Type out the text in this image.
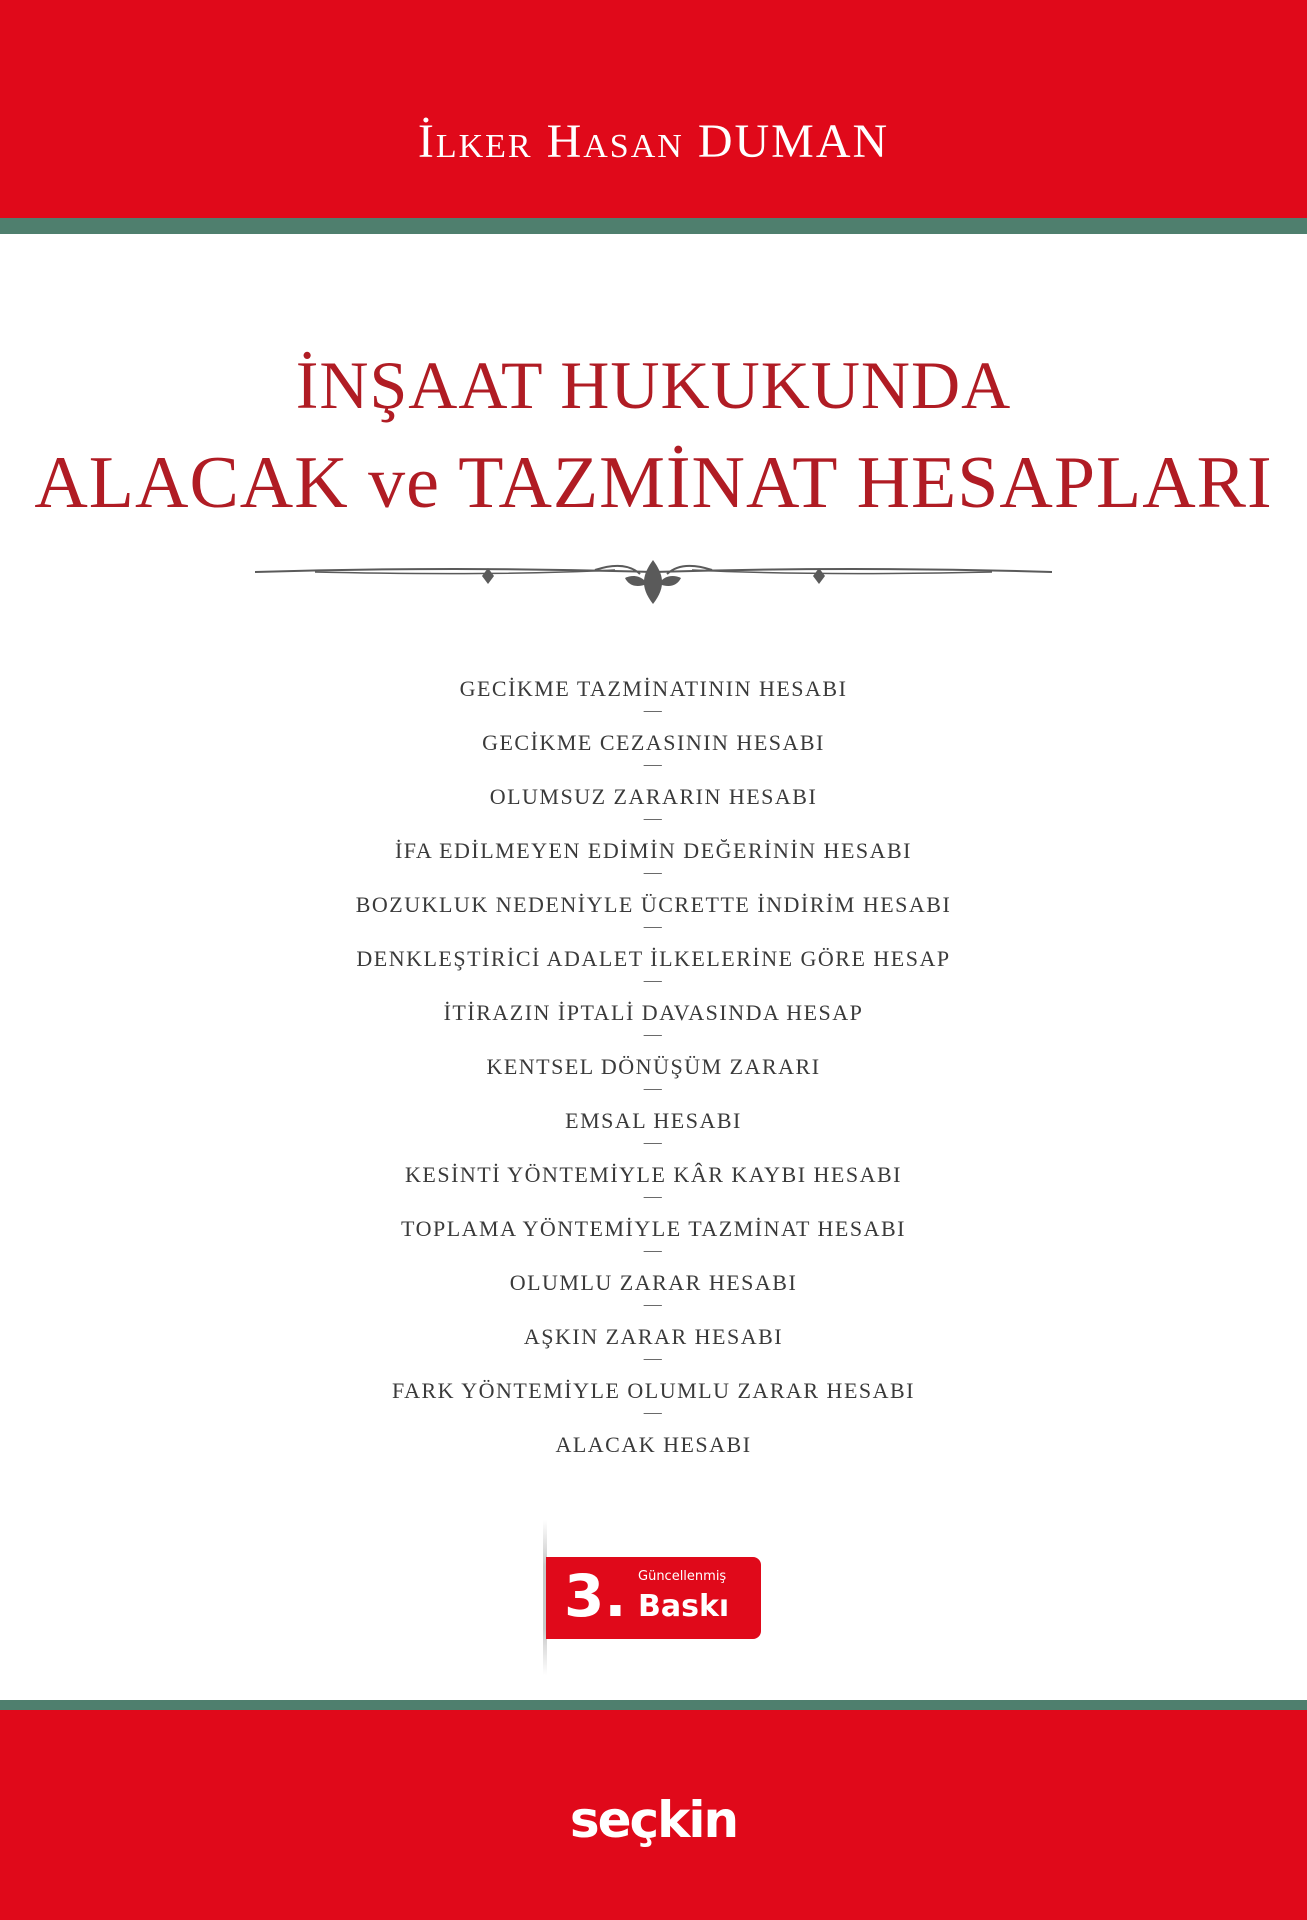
İlker Hasan DUMAN
İNŞAAT HUKUKUNDA
ALACAK ve TAZMİNAT HESAPLARI
GECİKME TAZMİNATININ HESABI
—
GECİKME CEZASININ HESABI
—
OLUMSUZ ZARARIN HESABI
—
İFA EDİLMEYEN EDİMİN DEĞERİNİN HESABI
—
BOZUKLUK NEDENİYLE ÜCRETTE İNDİRİM HESABI
—
DENKLEŞTİRİCİ ADALET İLKELERİNE GÖRE HESAP
—
İTİRAZIN İPTALİ DAVASINDA HESAP
—
KENTSEL DÖNÜŞÜM ZARARI
—
EMSAL HESABI
—
KESİNTİ YÖNTEMİYLE KÂR KAYBI HESABI
—
TOPLAMA YÖNTEMİYLE TAZMİNAT HESABI
—
OLUMLU ZARAR HESABI
—
AŞKIN ZARAR HESABI
—
FARK YÖNTEMİYLE OLUMLU ZARAR HESABI
—
ALACAK HESABI
3. Güncellenmiş
Baskı
seçkin
